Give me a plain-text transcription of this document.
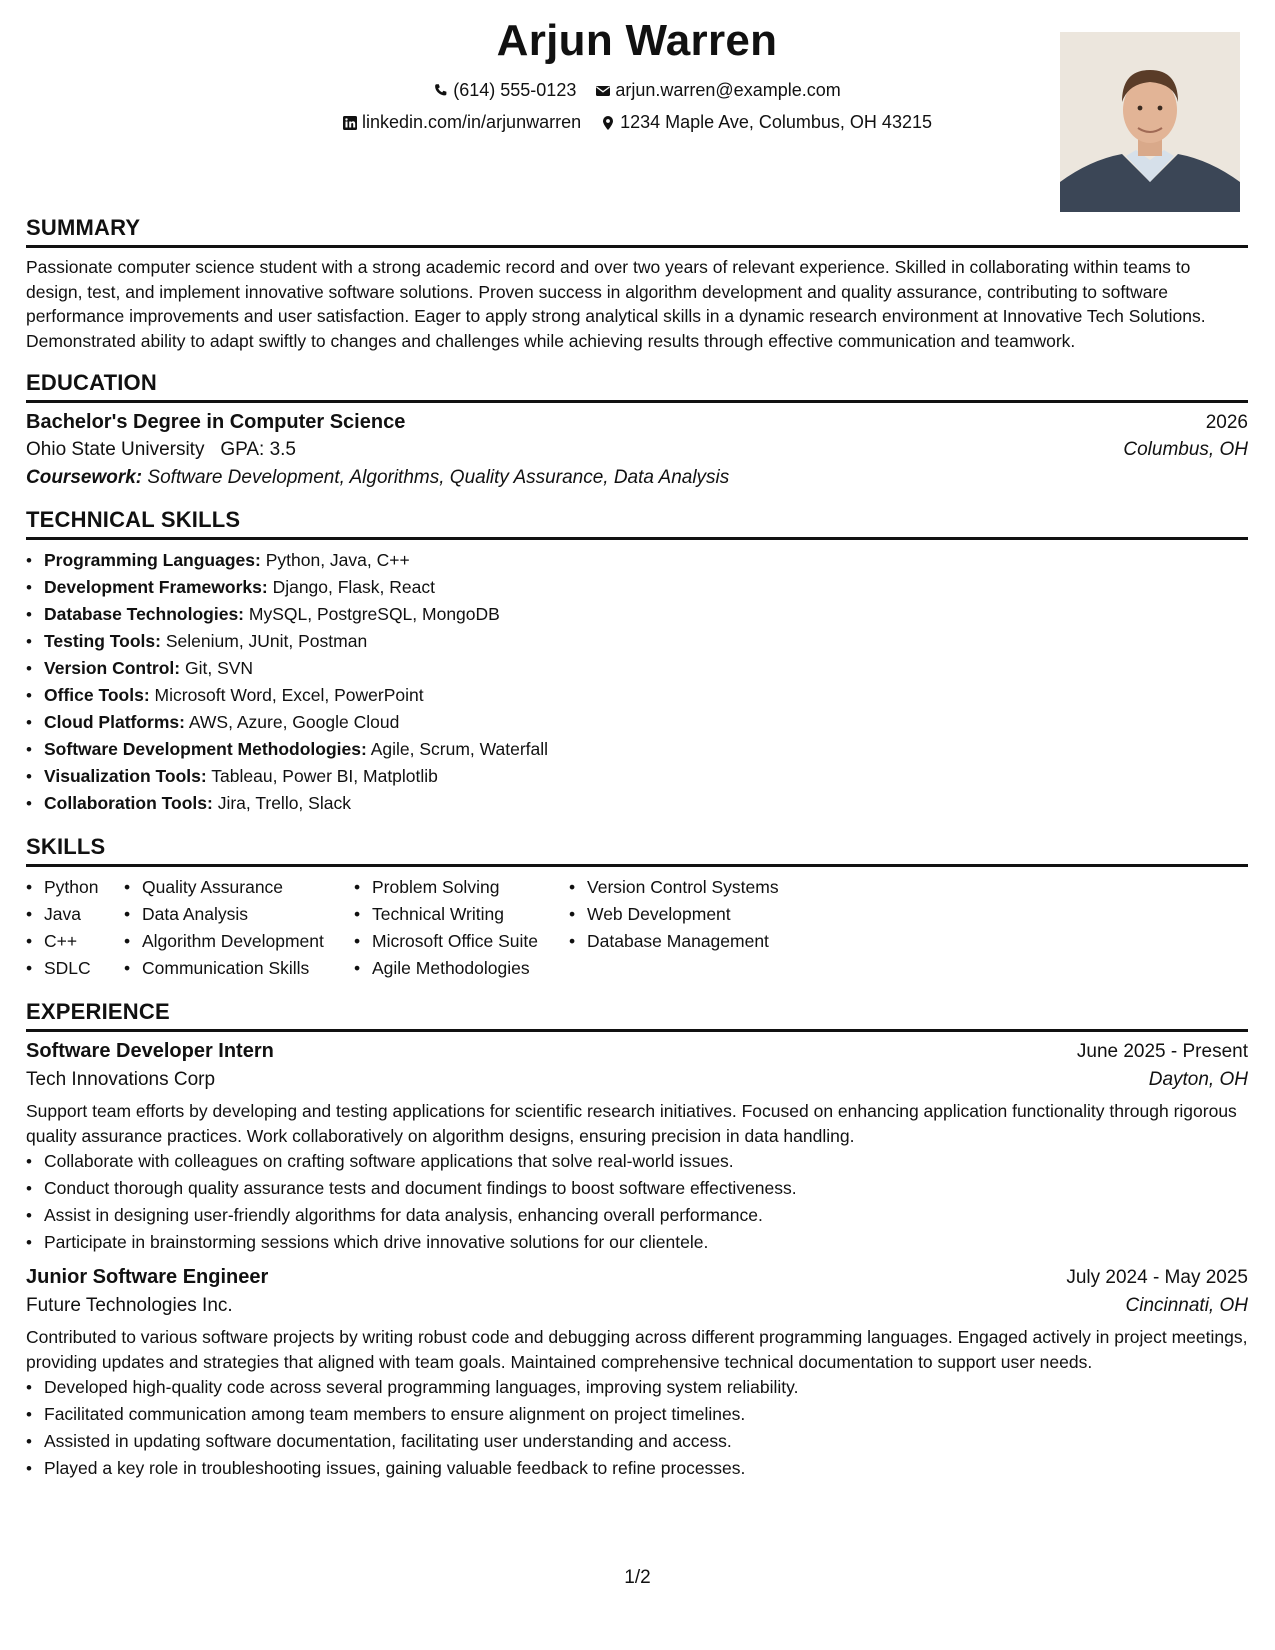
Arjun Warren
(614) 555-0123
arjun.warren@example.com
linkedin.com/in/arjunwarren
1234 Maple Ave, Columbus, OH 43215
SUMMARY

Passionate computer science student with a strong academic record and over two years of relevant experience. Skilled in collaborating within teams to design, test, and implement innovative software solutions. Proven success in algorithm development and quality assurance, contributing to software performance improvements and user satisfaction. Eager to apply strong analytical skills in a dynamic research environment at Innovative Tech Solutions. Demonstrated ability to adapt swiftly to changes and challenges while achieving results through effective communication and teamwork.

EDUCATION
Bachelor's Degree in Computer Science	2026
Ohio State University GPA: 3.5	Columbus, OH
Coursework: Software Development, Algorithms, Quality Assurance, Data Analysis
TECHNICAL SKILLS
• Programming Languages: Python, Java, C++
• Development Frameworks: Django, Flask, React
• Database Technologies: MySQL, PostgreSQL, MongoDB
• Testing Tools: Selenium, JUnit, Postman
• Version Control: Git, SVN
• Office Tools: Microsoft Word, Excel, PowerPoint
• Cloud Platforms: AWS, Azure, Google Cloud
• Software Development Methodologies: Agile, Scrum, Waterfall
• Visualization Tools: Tableau, Power BI, Matplotlib
• Collaboration Tools: Jira, Trello, Slack
SKILLS
• Python
• Java
• C++
• SDLC
• Quality Assurance
• Data Analysis
• Algorithm Development
• Communication Skills
• Problem Solving
• Technical Writing
• Microsoft Office Suite
• Agile Methodologies
• Version Control Systems
• Web Development
• Database Management
EXPERIENCE
Software Developer Intern	June 2025 - Present
Tech Innovations Corp	Dayton, OH

Support team efforts by developing and testing applications for scientific research initiatives. Focused on enhancing application functionality through rigorous quality assurance practices. Work collaboratively on algorithm designs, ensuring precision in data handling.

• Collaborate with colleagues on crafting software applications that solve real-world issues.
• Conduct thorough quality assurance tests and document findings to boost software effectiveness.
• Assist in designing user-friendly algorithms for data analysis, enhancing overall performance.
• Participate in brainstorming sessions which drive innovative solutions for our clientele.
Junior Software Engineer	July 2024 - May 2025
Future Technologies Inc.	Cincinnati, OH

Contributed to various software projects by writing robust code and debugging across different programming languages. Engaged actively in project meetings, providing updates and strategies that aligned with team goals. Maintained comprehensive technical documentation to support user needs.

• Developed high-quality code across several programming languages, improving system reliability.
• Facilitated communication among team members to ensure alignment on project timelines.
• Assisted in updating software documentation, facilitating user understanding and access.
• Played a key role in troubleshooting issues, gaining valuable feedback to refine processes.
1/2
